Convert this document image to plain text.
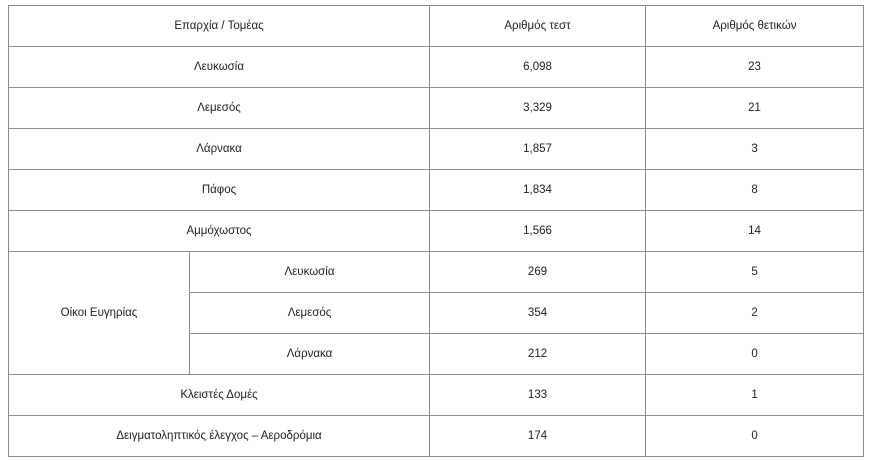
Επαρχία / Τομέας		Αριθμός τεστ	Αριθμός θετικών
Λευκωσία		6,098	23
Λεμεσός		3,329	21
Λάρνακα		1,857	3
Πάφος		1,834	8
Αμμόχωστος		1,566	14
Οίκοι Ευγηρίας	Λευκωσία	269	5
	Λεμεσός	354	2
	Λάρνακα	212	0
Κλειστές Δομές		133	1
Δειγματοληπτικός έλεγχος – Αεροδρόμια		174	0
